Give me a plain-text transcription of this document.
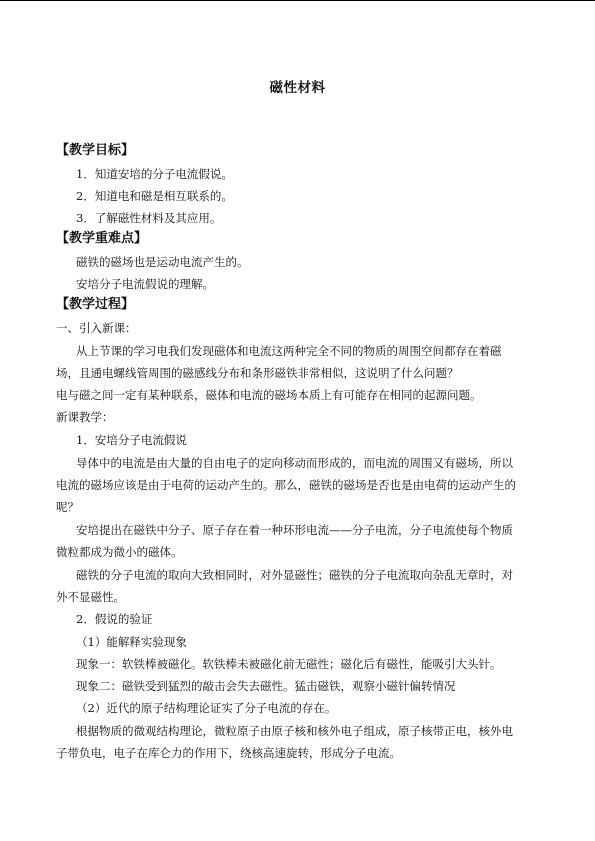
磁性材料
【教学目标】
1．知道安培的分子电流假说。
2．知道电和磁是相互联系的。
3．了解磁性材料及其应用。
【教学重难点】
磁铁的磁场也是运动电流产生的。
安培分子电流假说的理解。
【教学过程】
一、引入新课：
从上节课的学习电我们发现磁体和电流这两种完全不同的物质的周围空间都存在着磁
场，且通电螺线管周围的磁感线分布和条形磁铁非常相似，这说明了什么问题？
电与磁之间一定有某种联系，磁体和电流的磁场本质上有可能存在相同的起源问题。
新课教学：
1．安培分子电流假说
导体中的电流是由大量的自由电子的定向移动而形成的，而电流的周围又有磁场，所以
电流的磁场应该是由于电荷的运动产生的。那么，磁铁的磁场是否也是由电荷的运动产生的
呢？
安培提出在磁铁中分子、原子存在着一种环形电流——分子电流，分子电流使每个物质
微粒都成为微小的磁体。
磁铁的分子电流的取向大致相同时，对外显磁性；磁铁的分子电流取向杂乱无章时，对
外不显磁性。
2．假说的验证
（1）能解释实验现象
现象一：软铁棒被磁化。软铁棒未被磁化前无磁性；磁化后有磁性，能吸引大头针。
现象二：磁铁受到猛烈的敲击会失去磁性。猛击磁铁，观察小磁针偏转情况
（2）近代的原子结构理论证实了分子电流的存在。
根据物质的微观结构理论，微粒原子由原子核和核外电子组成，原子核带正电，核外电
子带负电，电子在库仑力的作用下，绕核高速旋转，形成分子电流。
